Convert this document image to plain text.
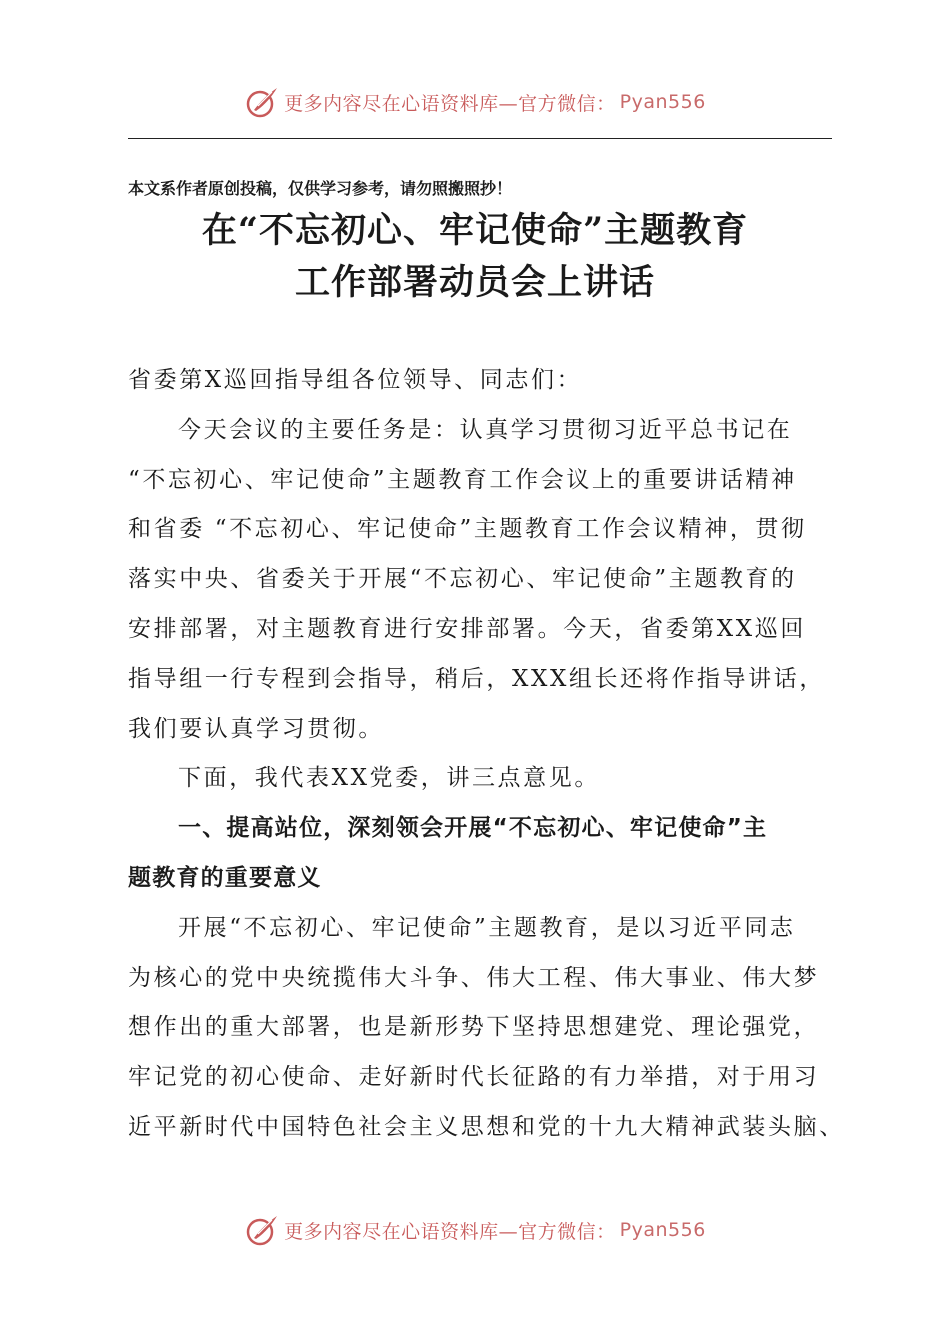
更多内容尽在心语资料库—官方微信： Pyan556
本文系作者原创投稿，仅供学习参考，请勿照搬照抄！
在“不忘初心、牢记使命”主题教育
工作部署动员会上讲话

省委第X巡回指导组各位领导、同志们：

今天会议的主要任务是：认真学习贯彻习近平总书记在

“不忘初心、牢记使命”主题教育工作会议上的重要讲话精神

和省委 “不忘初心、牢记使命”主题教育工作会议精神，贯彻

落实中央、省委关于开展“不忘初心、牢记使命”主题教育的

安排部署，对主题教育进行安排部署。今天，省委第XX巡回

指导组一行专程到会指导，稍后，XXX组长还将作指导讲话，

我们要认真学习贯彻。

下面，我代表XX党委，讲三点意见。

一、提高站位，深刻领会开展“不忘初心、牢记使命”主

题教育的重要意义

开展“不忘初心、牢记使命”主题教育，是以习近平同志

为核心的党中央统揽伟大斗争、伟大工程、伟大事业、伟大梦

想作出的重大部署，也是新形势下坚持思想建党、理论强党，

牢记党的初心使命、走好新时代长征路的有力举措，对于用习

近平新时代中国特色社会主义思想和党的十九大精神武装头脑、

更多内容尽在心语资料库—官方微信： Pyan556
